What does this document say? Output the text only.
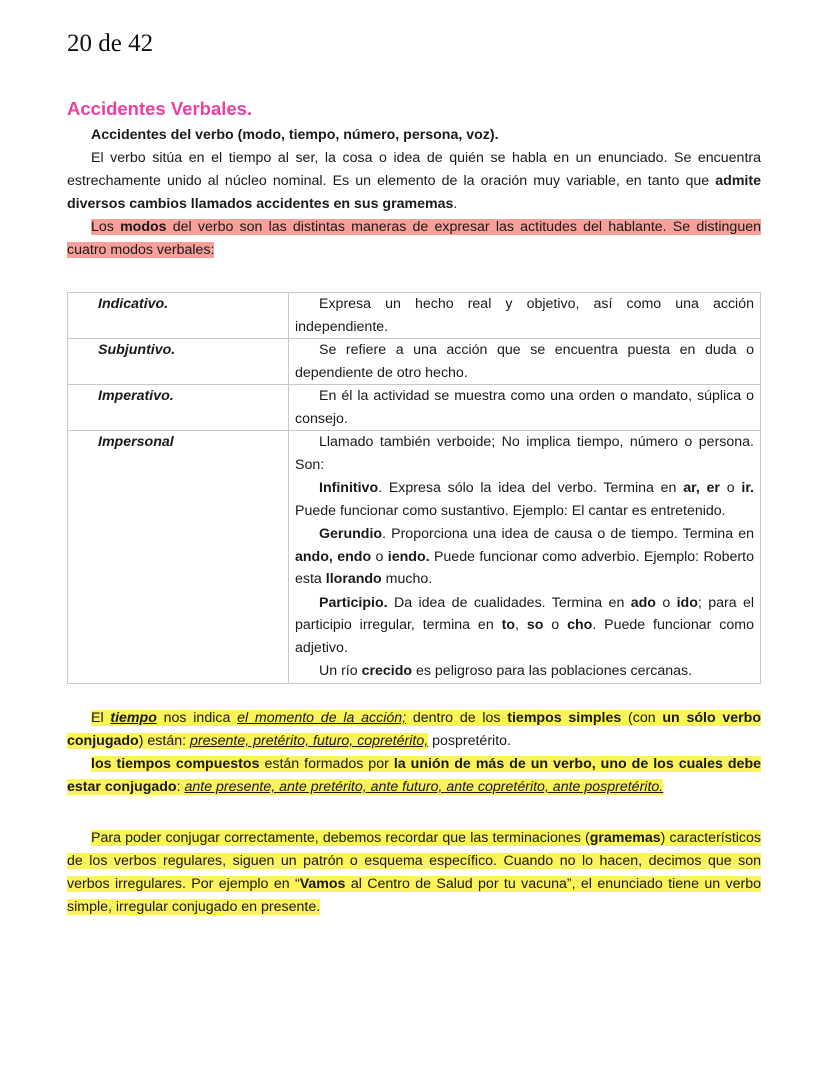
20 de 42
Accidentes Verbales.

Accidentes del verbo (modo, tiempo, número, persona, voz).

El verbo sitúa en el tiempo al ser, la cosa o idea de quién se habla en un enunciado. Se encuentra estrechamente unido al núcleo nominal. Es un elemento de la oración muy variable, en tanto que admite diversos cambios llamados accidentes en sus gramemas.

Los modos del verbo son las distintas maneras de expresar las actitudes del hablante. Se distinguen cuatro modos verbales:

Indicativo.	Expresa un hecho real y objetivo, así como una acción independiente.

Subjuntivo.	Se refiere a una acción que se encuentra puesta en duda o dependiente de otro hecho.

Imperativo.	En él la actividad se muestra como una orden o mandato, súplica o consejo.

Impersonal	Llamado también verboide; No implica tiempo, número o persona. Son:

Infinitivo. Expresa sólo la idea del verbo. Termina en ar, er o ir. Puede funcionar como sustantivo. Ejemplo: El cantar es entretenido.

Gerundio. Proporciona una idea de causa o de tiempo. Termina en ando, endo o iendo. Puede funcionar como adverbio. Ejemplo: Roberto esta llorando mucho.

Participio. Da idea de cualidades. Termina en ado o ido; para el participio irregular, termina en to, so o cho. Puede funcionar como adjetivo.

Un río crecido es peligroso para las poblaciones cercanas.

El tiempo nos indica el momento de la acción; dentro de los tiempos simples (con un sólo verbo conjugado) están: presente, pretérito, futuro, copretérito, pospretérito.

los tiempos compuestos están formados por la unión de más de un verbo, uno de los cuales debe estar conjugado: ante presente, ante pretérito, ante futuro, ante copretérito, ante pospretérito.

Para poder conjugar correctamente, debemos recordar que las terminaciones (gramemas) característicos de los verbos regulares, siguen un patrón o esquema específico. Cuando no lo hacen, decimos que son verbos irregulares. Por ejemplo en “Vamos al Centro de Salud por tu vacuna”, el enunciado tiene un verbo simple, irregular conjugado en presente.
